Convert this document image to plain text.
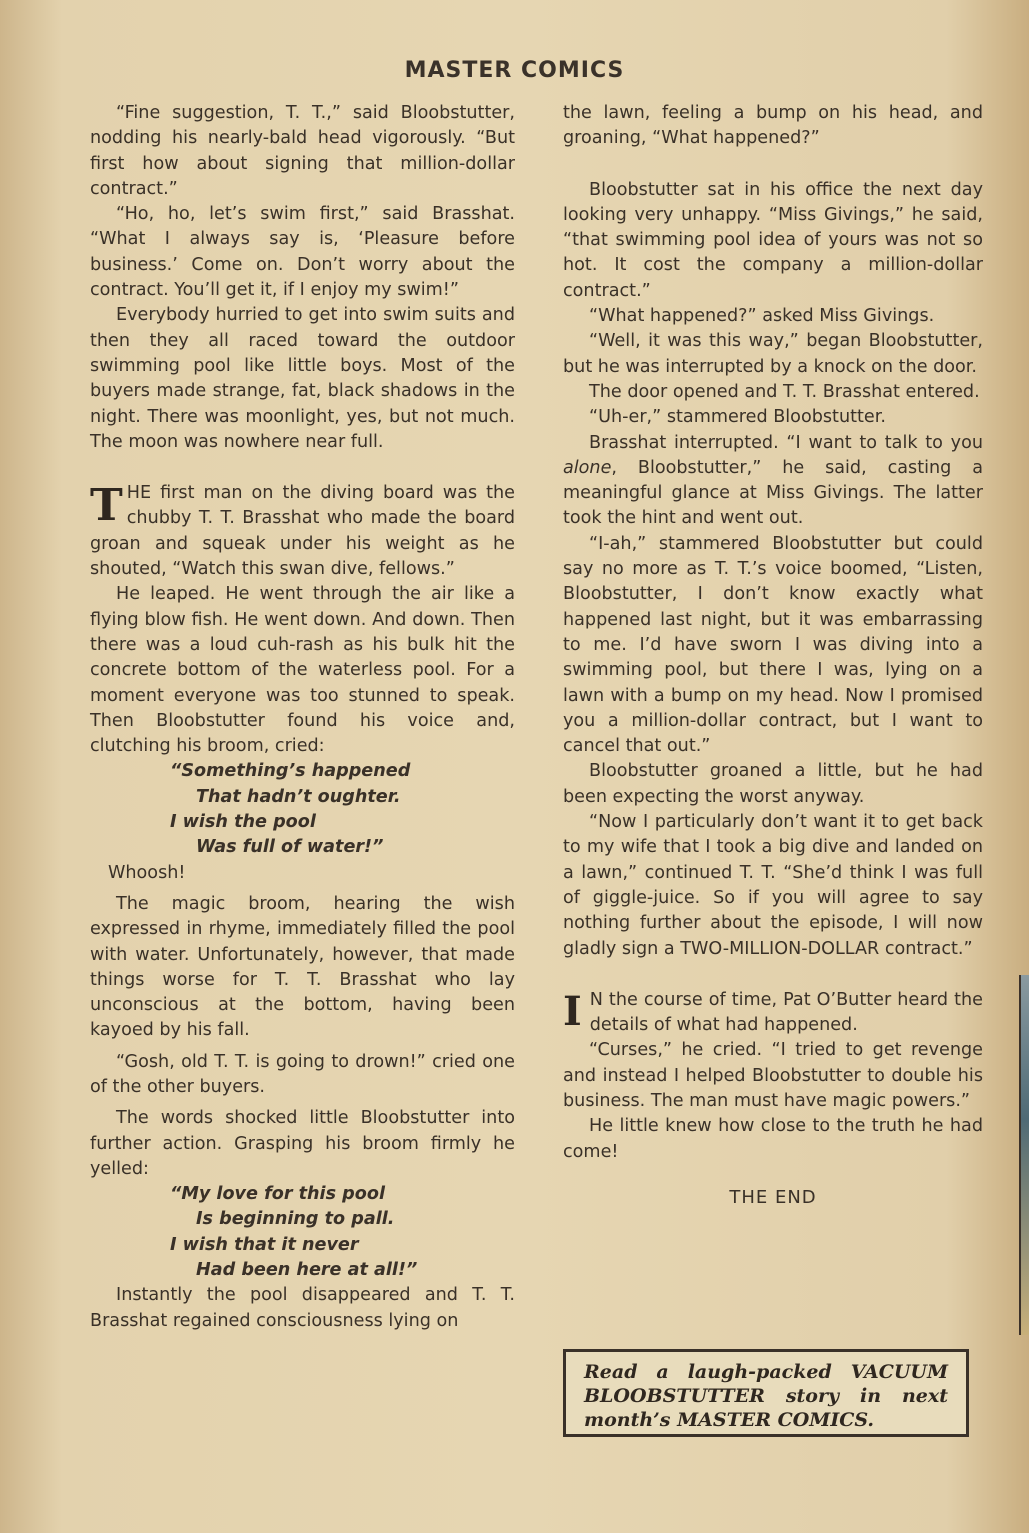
MASTER COMICS

“Fine suggestion, T. T.,” said Bloobstutter, nodding his nearly-bald head vigorously. “But first how about signing that million-dollar contract.”

“Ho, ho, let’s swim first,” said Brasshat. “What I always say is, ‘Pleasure before business.’ Come on. Don’t worry about the contract. You’ll get it, if I enjoy my swim!”

Everybody hurried to get into swim suits and then they all raced toward the outdoor swimming pool like little boys. Most of the buyers made strange, fat, black shadows in the night. There was moonlight, yes, but not much. The moon was nowhere near full.

THE first man on the diving board was the chubby T. T. Brasshat who made the board groan and squeak under his weight as he shouted, “Watch this swan dive, fellows.”

He leaped. He went through the air like a flying blow fish. He went down. And down. Then there was a loud cuh-rash as his bulk hit the concrete bottom of the waterless pool. For a moment everyone was too stunned to speak. Then Bloobstutter found his voice and, clutching his broom, cried:

“Something’s happened
That hadn’t oughter.
I wish the pool
Was full of water!”

Whoosh!

The magic broom, hearing the wish expressed in rhyme, immediately filled the pool with water. Unfortunately, however, that made things worse for T. T. Brasshat who lay unconscious at the bottom, having been kayoed by his fall.

“Gosh, old T. T. is going to drown!” cried one of the other buyers.

The words shocked little Bloobstutter into further action. Grasping his broom firmly he yelled:

“My love for this pool
Is beginning to pall.
I wish that it never
Had been here at all!”

Instantly the pool disappeared and T. T. Brasshat regained consciousness lying on

the lawn, feeling a bump on his head, and groaning, “What happened?”

Bloobstutter sat in his office the next day looking very unhappy. “Miss Givings,” he said, “that swimming pool idea of yours was not so hot. It cost the company a million-dollar contract.”

“What happened?” asked Miss Givings.

“Well, it was this way,” began Bloobstutter, but he was interrupted by a knock on the door.

The door opened and T. T. Brasshat entered.

“Uh-er,” stammered Bloobstutter.

Brasshat interrupted. “I want to talk to you alone, Bloobstutter,” he said, casting a meaningful glance at Miss Givings. The latter took the hint and went out.

“I-ah,” stammered Bloobstutter but could say no more as T. T.’s voice boomed, “Listen, Bloobstutter, I don’t know exactly what happened last night, but it was embarrassing to me. I’d have sworn I was diving into a swimming pool, but there I was, lying on a lawn with a bump on my head. Now I promised you a million-dollar contract, but I want to cancel that out.”

Bloobstutter groaned a little, but he had been expecting the worst anyway.

“Now I particularly don’t want it to get back to my wife that I took a big dive and landed on a lawn,” continued T. T. “She’d think I was full of giggle-juice. So if you will agree to say nothing further about the episode, I will now gladly sign a TWO-MILLION-DOLLAR contract.”

I N the course of time, Pat O’Butter heard the details of what had happened.

“Curses,” he cried. “I tried to get revenge and instead I helped Bloobstutter to double his business. The man must have magic powers.”

He little knew how close to the truth he had come!

THE END
Read a laugh-packed VACUUM BLOOBSTUTTER story in next month’s MASTER COMICS.
